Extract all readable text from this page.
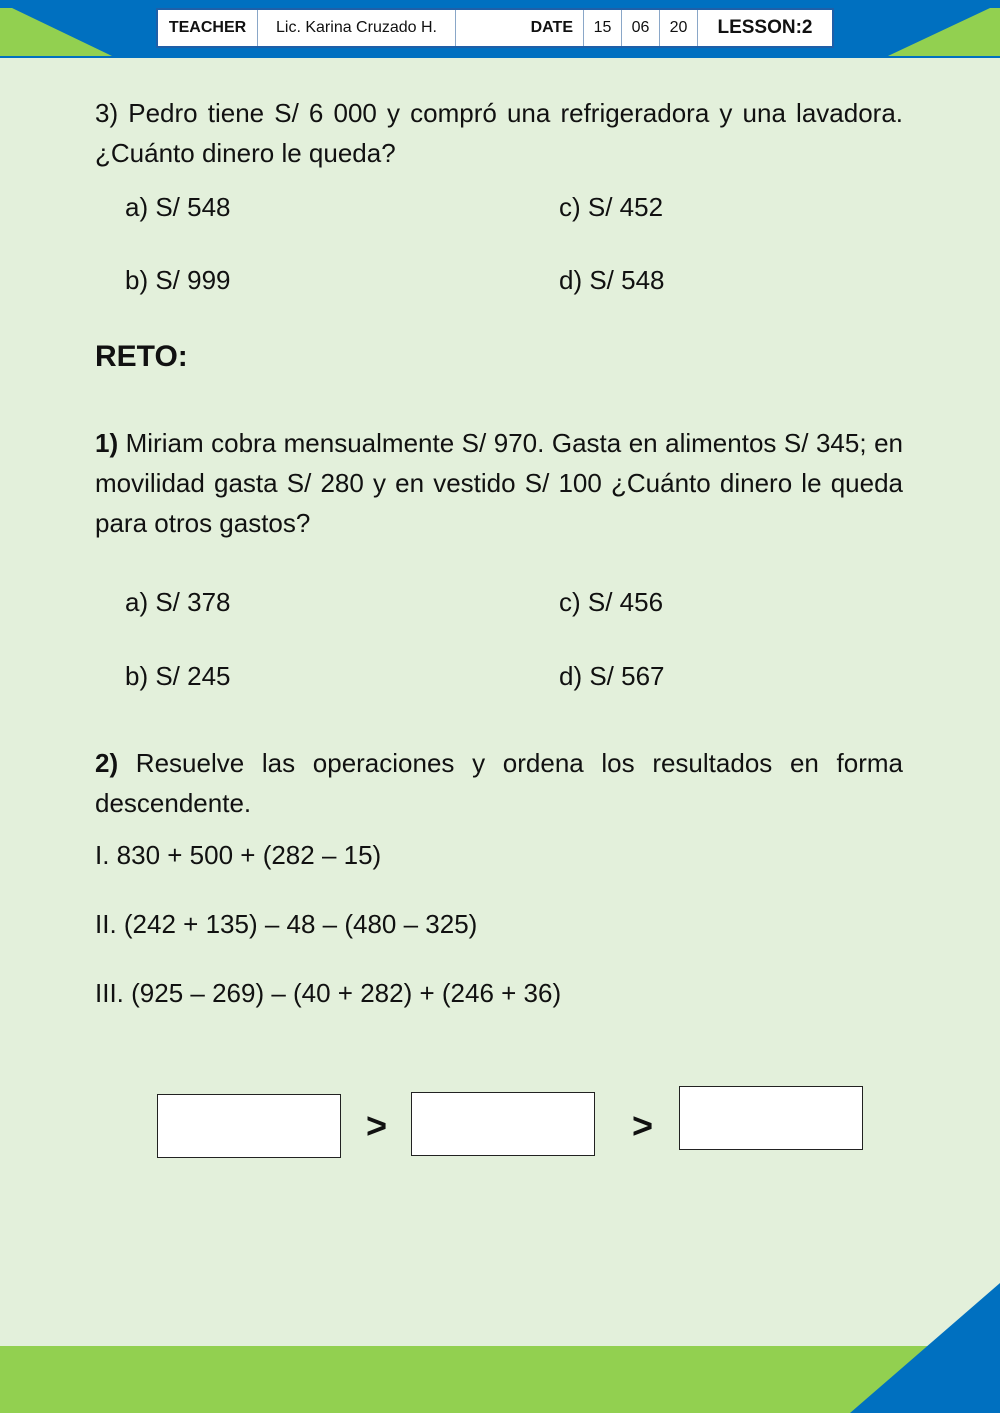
TEACHER	Lic. Karina Cruzado H.	DATE	15	06	20	LESSON:2
3) Pedro tiene S/ 6 000 y compró una refrigeradora y una lavadora. ¿Cuánto dinero le queda?
a) S/ 548	c) S/ 452
b) S/ 999	d) S/ 548
RETO:
1) Miriam cobra mensualmente S/ 970. Gasta en alimentos S/ 345; en movilidad gasta S/ 280 y en vestido S/ 100 ¿Cuánto dinero le queda para otros gastos?
a) S/ 378	c) S/ 456
b) S/ 245	d) S/ 567
2) Resuelve las operaciones y ordena los resultados en forma descendente.
I. 830 + 500 + (282 – 15)
II. (242 + 135) – 48 – (480 – 325)
III. (925 – 269) – (40 + 282) + (246 + 36)
>	>
